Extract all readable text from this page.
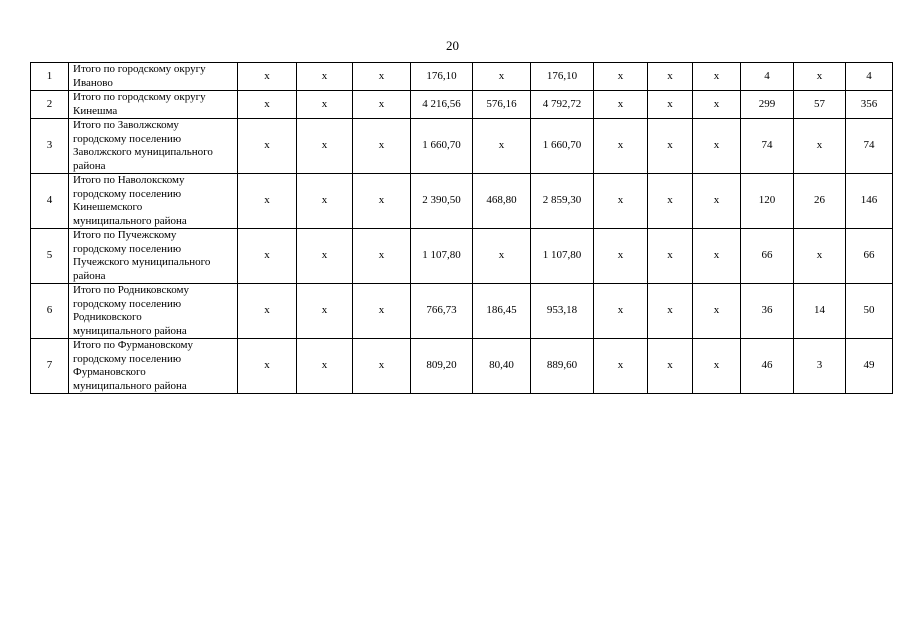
20
1	Итого по городскому округу
Иваново	x	x	x	176,10	x	176,10	x	x	x	4	x	4
2	Итого по городскому округу
Кинешма	x	x	x	4 216,56	576,16	4 792,72	x	x	x	299	57	356
3	Итого по Заволжскому
городскому поселению
Заволжского муниципального
района	x	x	x	1 660,70	x	1 660,70	x	x	x	74	x	74
4	Итого по Наволокскому
городскому поселению
Кинешемского
муниципального района	x	x	x	2 390,50	468,80	2 859,30	x	x	x	120	26	146
5	Итого по Пучежскому
городскому поселению
Пучежского муниципального
района	x	x	x	1 107,80	x	1 107,80	x	x	x	66	x	66
6	Итого по Родниковскому
городскому поселению
Родниковского
муниципального района	x	x	x	766,73	186,45	953,18	x	x	x	36	14	50
7	Итого по Фурмановскому
городскому поселению
Фурмановского
муниципального района	x	x	x	809,20	80,40	889,60	x	x	x	46	3	49
